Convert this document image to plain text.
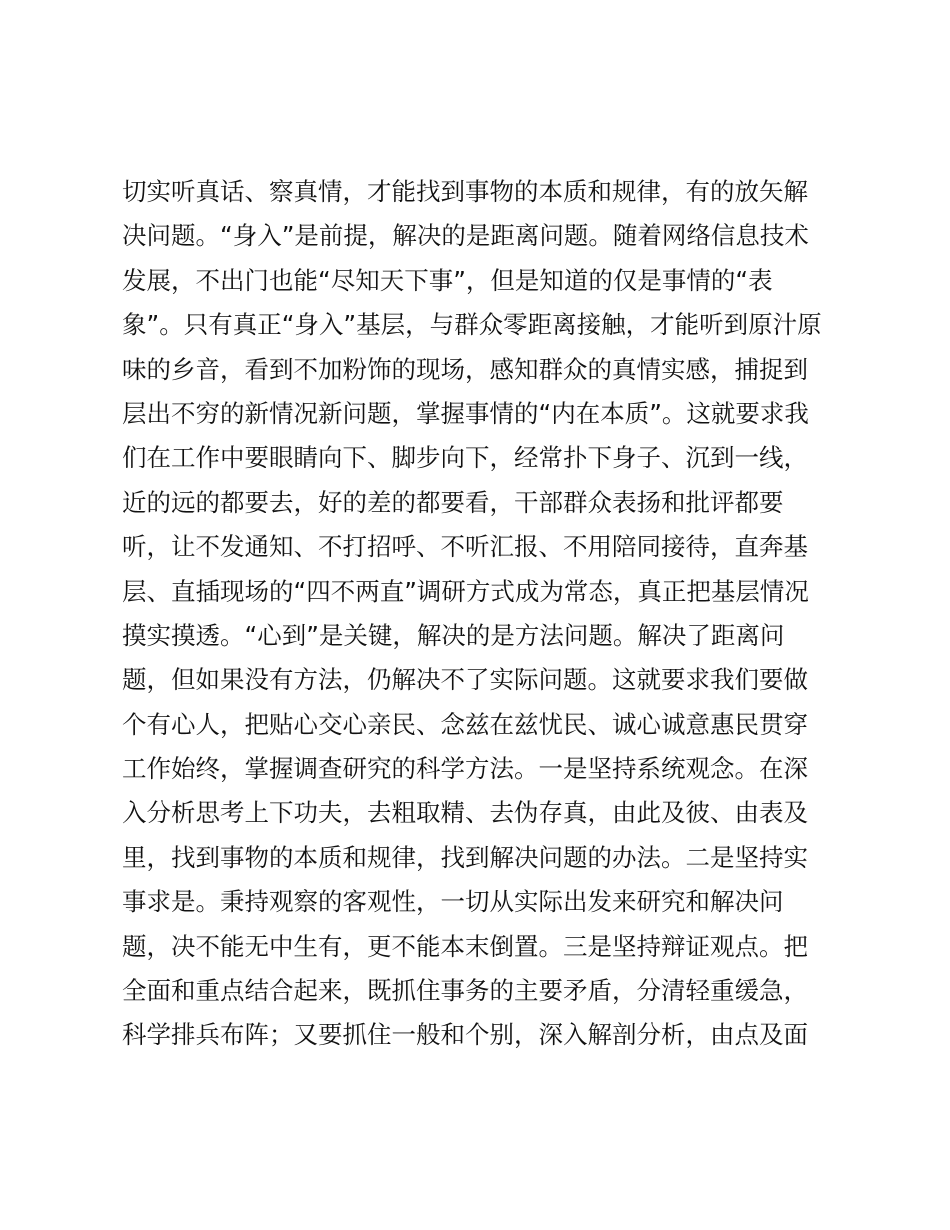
切实听真话、察真情，才能找到事物的本质和规律，有的放矢解
决问题。“身入”是前提，解决的是距离问题。随着网络信息技术
发展，不出门也能“尽知天下事”，但是知道的仅是事情的“表
象”。只有真正“身入”基层，与群众零距离接触，才能听到原汁原
味的乡音，看到不加粉饰的现场，感知群众的真情实感，捕捉到
层出不穷的新情况新问题，掌握事情的“内在本质”。这就要求我
们在工作中要眼睛向下、脚步向下，经常扑下身子、沉到一线，
近的远的都要去，好的差的都要看，干部群众表扬和批评都要
听，让不发通知、不打招呼、不听汇报、不用陪同接待，直奔基
层、直插现场的“四不两直”调研方式成为常态，真正把基层情况
摸实摸透。“心到”是关键，解决的是方法问题。解决了距离问
题，但如果没有方法，仍解决不了实际问题。这就要求我们要做
个有心人，把贴心交心亲民、念兹在兹忧民、诚心诚意惠民贯穿
工作始终，掌握调查研究的科学方法。一是坚持系统观念。在深
入分析思考上下功夫，去粗取精、去伪存真，由此及彼、由表及
里，找到事物的本质和规律，找到解决问题的办法。二是坚持实
事求是。秉持观察的客观性，一切从实际出发来研究和解决问
题，决不能无中生有，更不能本末倒置。三是坚持辩证观点。把
全面和重点结合起来，既抓住事务的主要矛盾，分清轻重缓急，
科学排兵布阵；又要抓住一般和个别，深入解剖分析，由点及面
